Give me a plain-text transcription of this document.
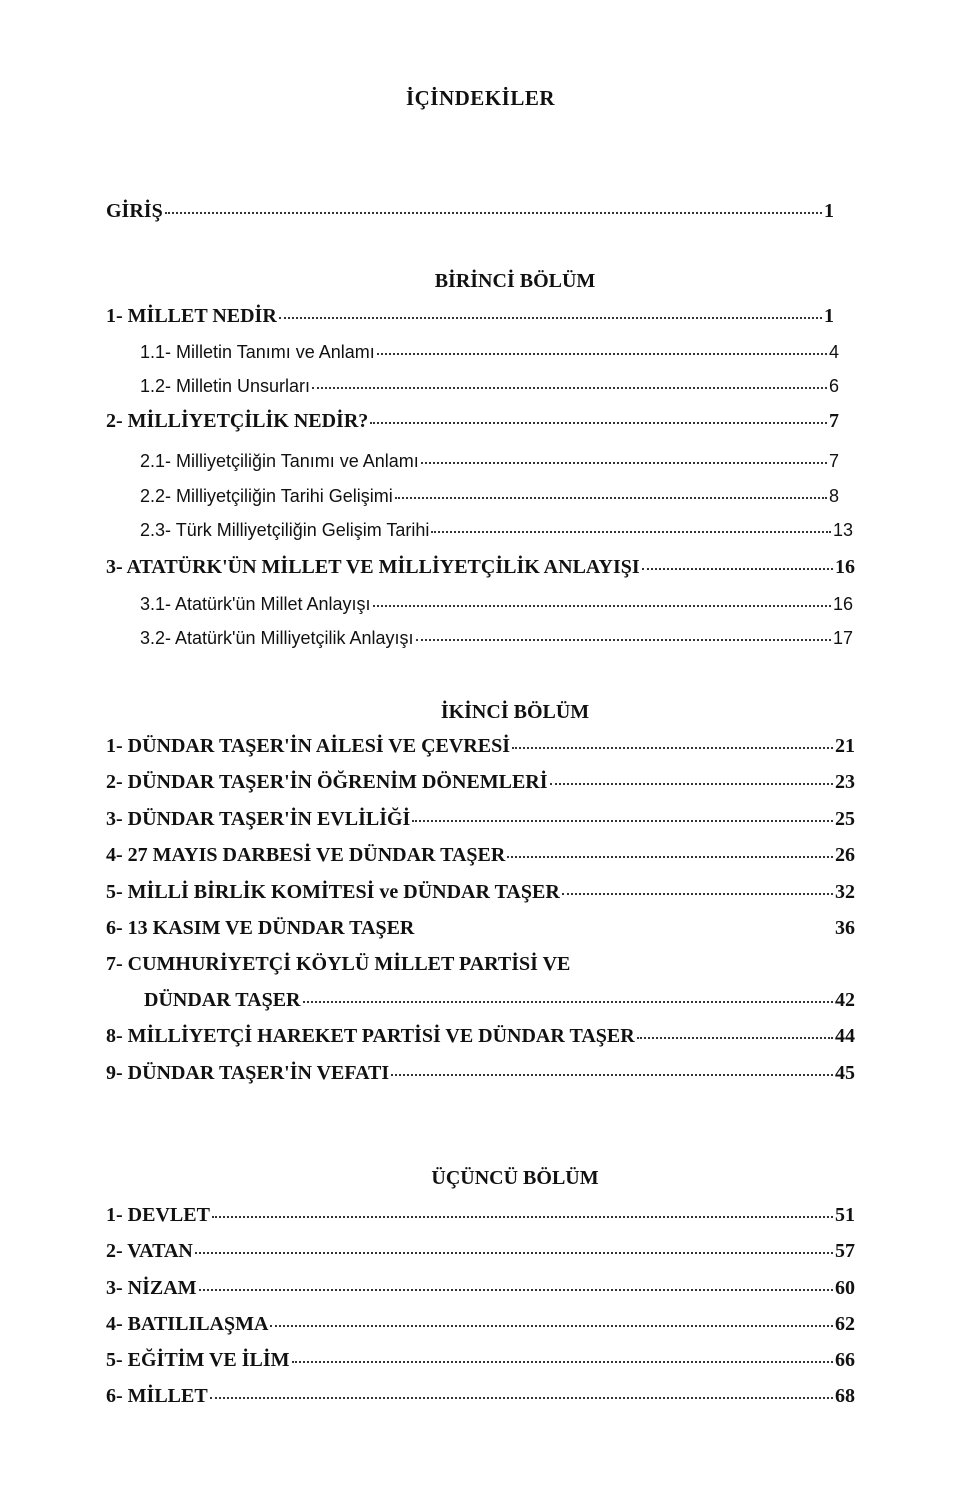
İÇİNDEKİLER
GİRİŞ	1
BİRİNCİ BÖLÜM
1- MİLLET NEDİR	1
1.1- Milletin Tanımı ve Anlamı	4
1.2- Milletin Unsurları	6
2- MİLLİYETÇİLİK NEDİR?	7
2.1- Milliyetçiliğin Tanımı ve Anlamı	7
2.2- Milliyetçiliğin Tarihi Gelişimi	8
2.3- Türk Milliyetçiliğin Gelişim Tarihi	13
3- ATATÜRK'ÜN MİLLET VE MİLLİYETÇİLİK ANLAYIŞI	16
3.1- Atatürk'ün Millet Anlayışı	16
3.2- Atatürk'ün Milliyetçilik Anlayışı	17
İKİNCİ BÖLÜM
1- DÜNDAR TAŞER'İN AİLESİ VE ÇEVRESİ	21
2- DÜNDAR TAŞER'İN ÖĞRENİM DÖNEMLERİ	23
3- DÜNDAR TAŞER'İN EVLİLİĞİ	25
4- 27 MAYIS DARBESİ VE DÜNDAR TAŞER	26
5- MİLLİ BİRLİK KOMİTESİ ve DÜNDAR TAŞER	32
6- 13 KASIM VE DÜNDAR TAŞER	36
7- CUMHURİYETÇİ KÖYLÜ MİLLET PARTİSİ VE
DÜNDAR TAŞER	42
8- MİLLİYETÇİ HAREKET PARTİSİ VE DÜNDAR TAŞER	44
9- DÜNDAR TAŞER'İN VEFATI	45
ÜÇÜNCÜ BÖLÜM
1- DEVLET	51
2- VATAN	57
3- NİZAM	60
4- BATILILAŞMA	62
5- EĞİTİM VE İLİM	66
6- MİLLET	68
